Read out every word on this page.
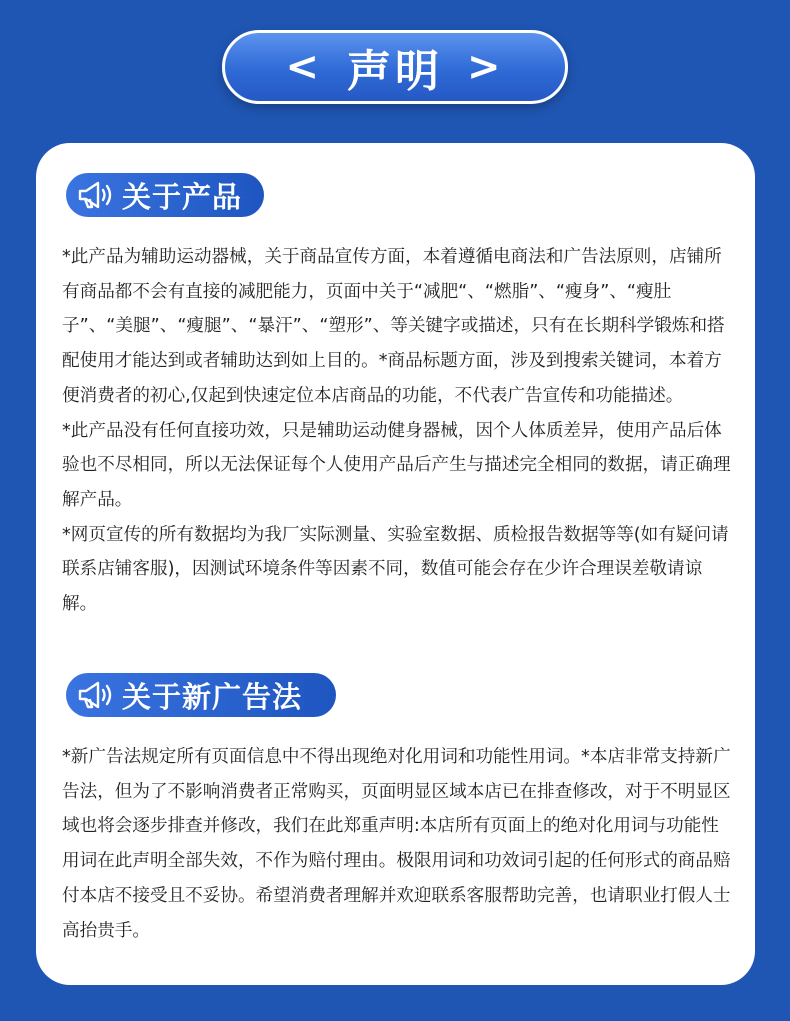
< 声明 >
关于产品

*此产品为辅助运动器械，关于商品宣传方面，本着遵循电商法和广告法原则，店铺所有商品都不会有直接的减肥能力，页面中关于“减肥“、“燃脂”、“瘦身”、“瘦肚子”、“美腿”、“瘦腿”、“暴汗”、“塑形”、等关键字或描述，只有在长期科学锻炼和搭配使用才能达到或者辅助达到如上目的。*商品标题方面，涉及到搜索关键词，本着方便消费者的初心,仅起到快速定位本店商品的功能，不代表广告宣传和功能描述。

*此产品没有任何直接功效，只是辅助运动健身器械，因个人体质差异，使用产品后体验也不尽相同，所以无法保证每个人使用产品后产生与描述完全相同的数据，请正确理解产品。

*网页宣传的所有数据均为我厂实际测量、实验室数据、质检报告数据等等(如有疑问请联系店铺客服)，因测试环境条件等因素不同，数值可能会存在少许合理误差敬请谅解。

关于新广告法

*新广告法规定所有页面信息中不得出现绝对化用词和功能性用词。*本店非常支持新广告法，但为了不影响消费者正常购买，页面明显区域本店已在排查修改，对于不明显区域也将会逐步排查并修改，我们在此郑重声明:本店所有页面上的绝对化用词与功能性用词在此声明全部失效，不作为赔付理由。极限用词和功效词引起的任何形式的商品赔付本店不接受且不妥协。希望消费者理解并欢迎联系客服帮助完善，也请职业打假人士高抬贵手。
